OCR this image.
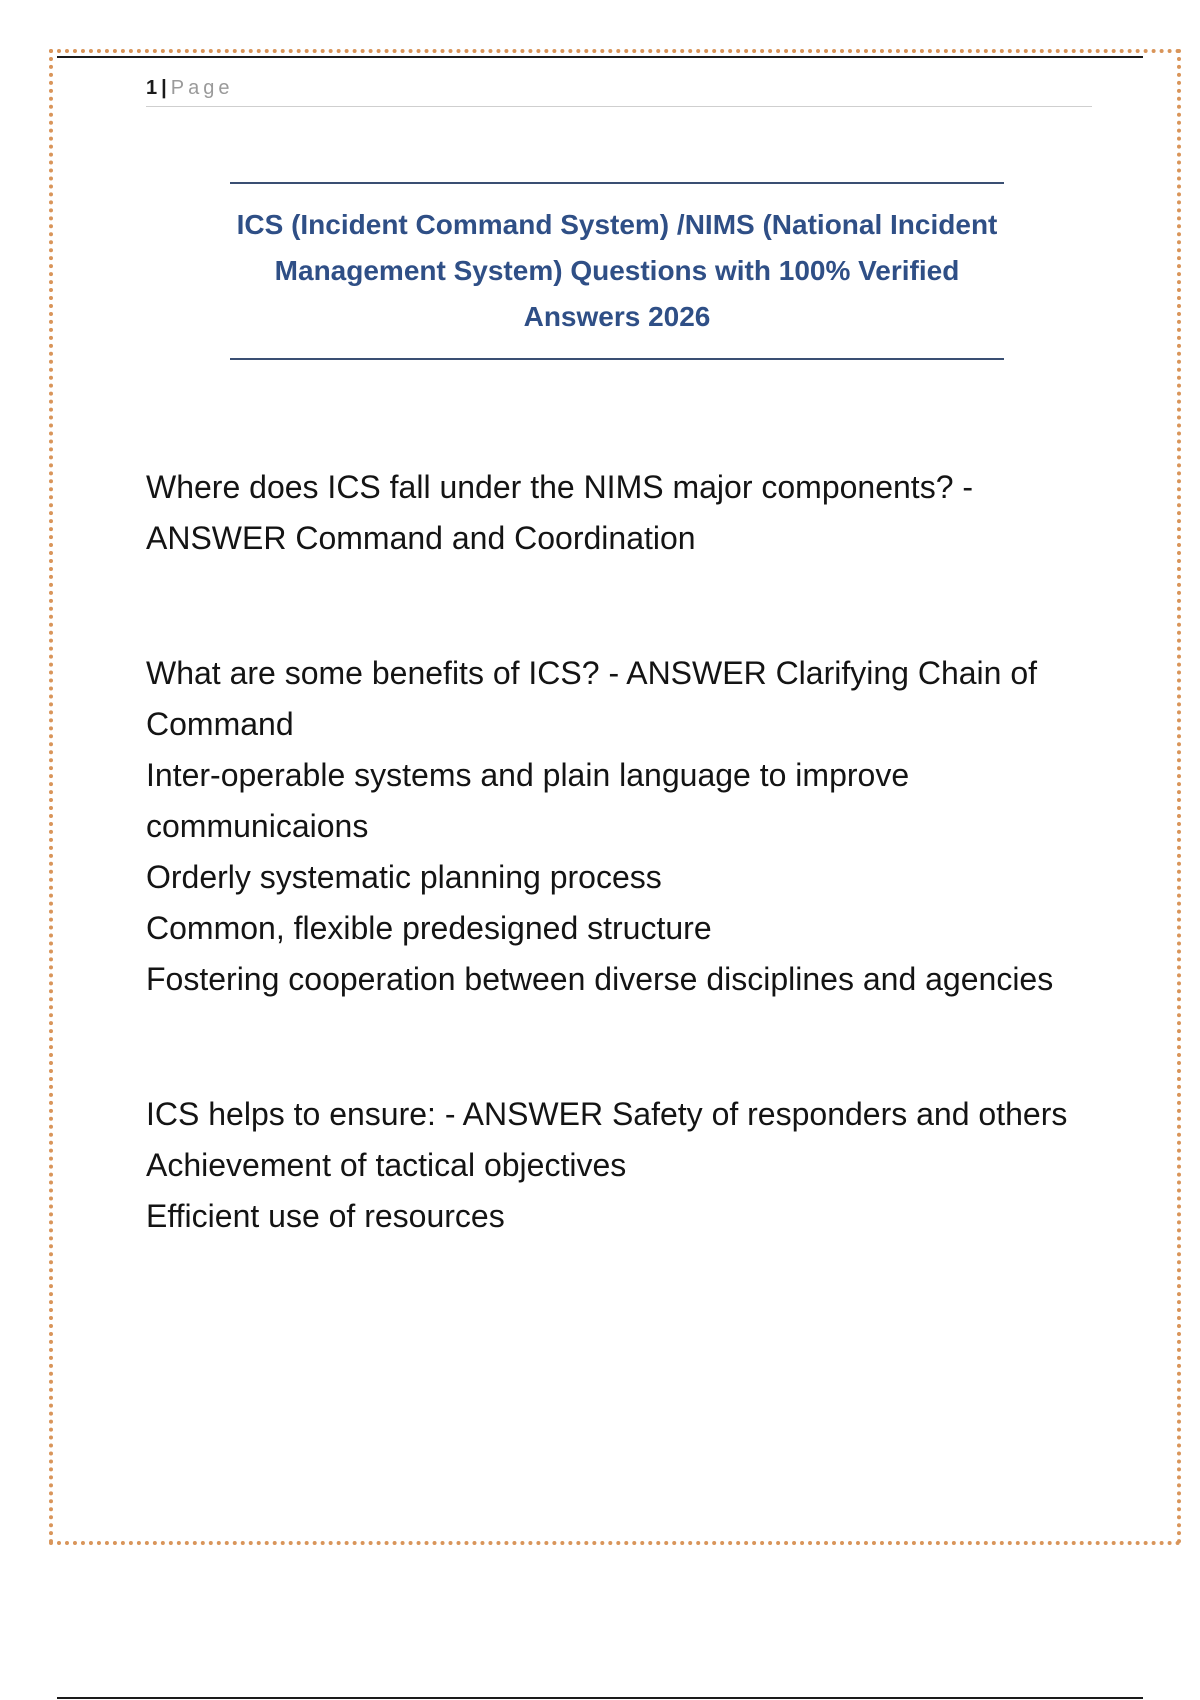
1 | Page
ICS (Incident Command System) /NIMS (National Incident Management System) Questions with 100% Verified Answers 2026

Where does ICS fall under the NIMS major components? - ANSWER Command and Coordination

What are some benefits of ICS? - ANSWER Clarifying Chain of Command

Inter-operable systems and plain language to improve communicaions

Orderly systematic planning process

Common, flexible predesigned structure

Fostering cooperation between diverse disciplines and agencies

ICS helps to ensure: - ANSWER Safety of responders and others

Achievement of tactical objectives

Efficient use of resources
